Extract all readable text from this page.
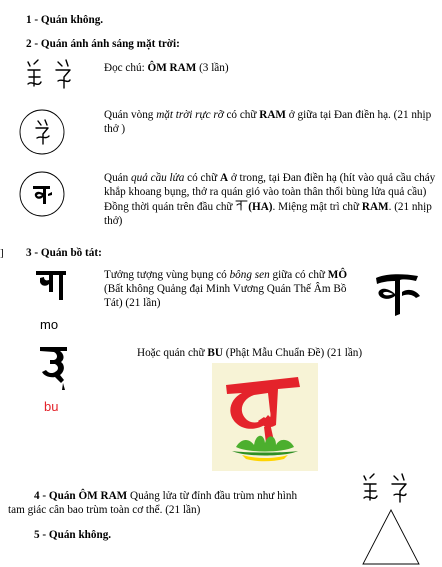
1 - Quán không.
2 - Quán ánh ánh sáng mặt trời:
Đọc chú: ÔM RAM (3 lần)
Quán vòng mặt trời rực rỡ có chữ RAM ở giữa tại Đan điền hạ. (21 nhịp thở )
Quán quả cầu lửa có chữ A ở trong, tại Đan điền hạ (hít vào quả cầu cháy khắp khoang bụng, thở ra quán gió vào toàn thân thổi bùng lửa quả cầu) Đồng thời quán trên đầu chữ (HA). Miệng mật trì chữ RAM. (21 nhịp thở)
] 3 - Quán bồ tát:
mo
Tưởng tượng vùng bụng có bông sen giữa có chữ MÔ (Bất không Quảng đại Minh Vương Quán Thế Âm Bồ Tát) (21 lần)
bu
Hoặc quán chữ BU (Phật Mẫu Chuẩn Đề) (21 lần)
4 - Quán ÔM RAM Quảng lửa từ đỉnh đầu trùm như hình tam giác cân bao trùm toàn cơ thể. (21 lần)
5 - Quán không.
